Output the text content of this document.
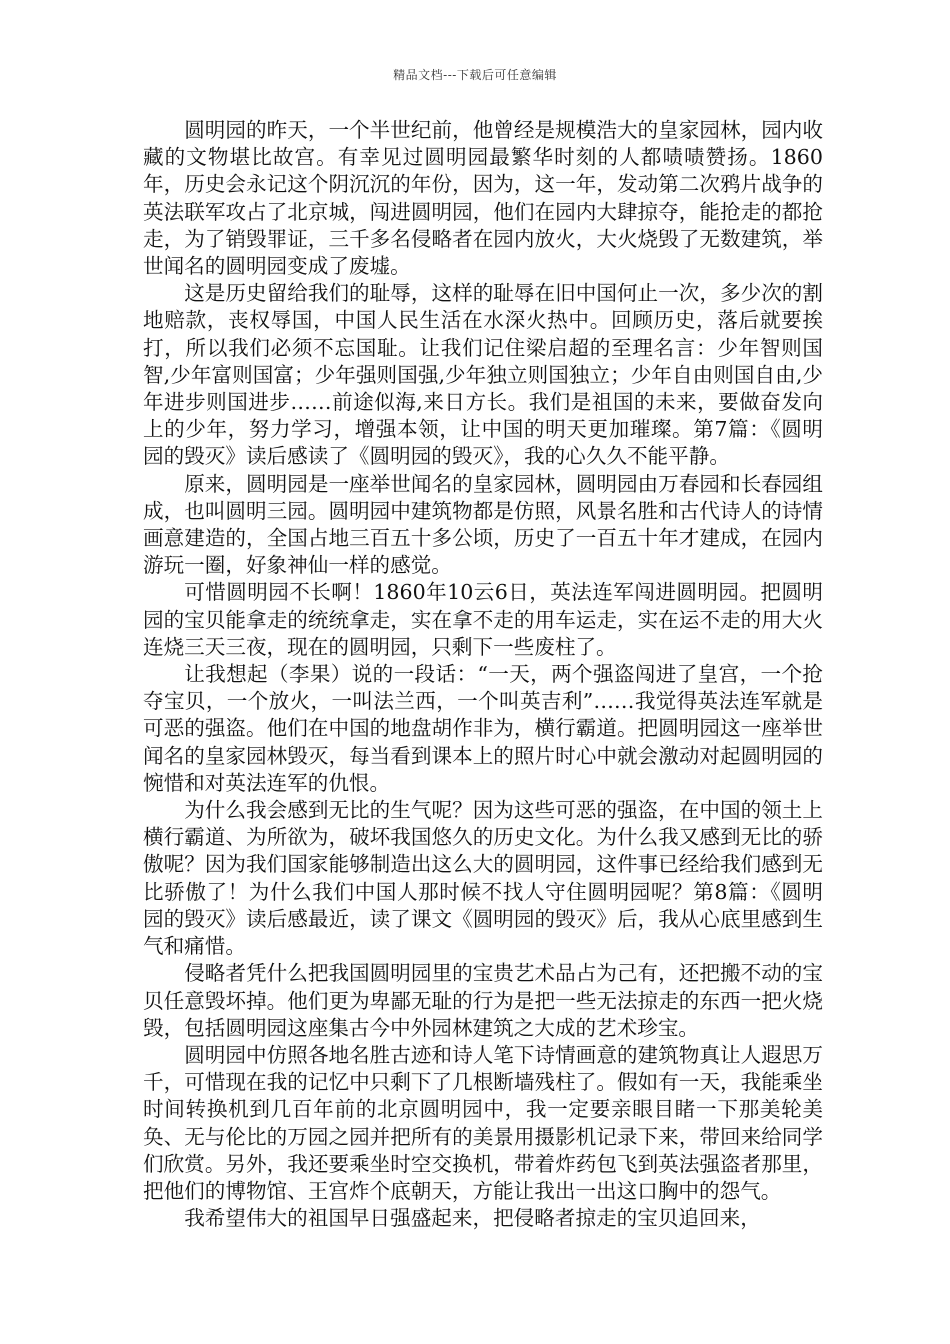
精品文档---下载后可任意编辑

圆明园的昨天，一个半世纪前，他曾经是规模浩大的皇家园林，园内收藏的文物堪比故宫。有幸见过圆明园最繁华时刻的人都啧啧赞扬。1860年，历史会永记这个阴沉沉的年份，因为，这一年，发动第二次鸦片战争的英法联军攻占了北京城，闯进圆明园，他们在园内大肆掠夺，能抢走的都抢走，为了销毁罪证，三千多名侵略者在园内放火，大火烧毁了无数建筑，举世闻名的圆明园变成了废墟。

这是历史留给我们的耻辱，这样的耻辱在旧中国何止一次，多少次的割地赔款，丧权辱国，中国人民生活在水深火热中。回顾历史，落后就要挨打，所以我们必须不忘国耻。让我们记住梁启超的至理名言：少年智则国智,少年富则国富；少年强则国强,少年独立则国独立；少年自由则国自由,少年进步则国进步……前途似海,来日方长。我们是祖国的未来，要做奋发向上的少年，努力学习，增强本领，让中国的明天更加璀璨。第7篇：《圆明园的毁灭》读后感读了《圆明园的毁灭》，我的心久久不能平静。

原来，圆明园是一座举世闻名的皇家园林，圆明园由万春园和长春园组成，也叫圆明三园。圆明园中建筑物都是仿照，风景名胜和古代诗人的诗情画意建造的，全国占地三百五十多公顷，历史了一百五十年才建成，在园内游玩一圈，好象神仙一样的感觉。

可惜圆明园不长啊！1860年10云6日，英法连军闯进圆明园。把圆明园的宝贝能拿走的统统拿走，实在拿不走的用车运走，实在运不走的用大火连烧三天三夜，现在的圆明园，只剩下一些废柱了。

让我想起（李果）说的一段话：“一天，两个强盗闯进了皇宫，一个抢夺宝贝，一个放火，一叫法兰西，一个叫英吉利”……我觉得英法连军就是可恶的强盗。他们在中国的地盘胡作非为，横行霸道。把圆明园这一座举世闻名的皇家园林毁灭，每当看到课本上的照片时心中就会激动对起圆明园的惋惜和对英法连军的仇恨。

为什么我会感到无比的生气呢？因为这些可恶的强盗，在中国的领土上横行霸道、为所欲为，破坏我国悠久的历史文化。为什么我又感到无比的骄傲呢？因为我们国家能够制造出这么大的圆明园，这件事已经给我们感到无比骄傲了！为什么我们中国人那时候不找人守住圆明园呢？第8篇：《圆明园的毁灭》读后感最近，读了课文《圆明园的毁灭》后，我从心底里感到生气和痛惜。

侵略者凭什么把我国圆明园里的宝贵艺术品占为己有，还把搬不动的宝贝任意毁坏掉。他们更为卑鄙无耻的行为是把一些无法掠走的东西一把火烧毁，包括圆明园这座集古今中外园林建筑之大成的艺术珍宝。

圆明园中仿照各地名胜古迹和诗人笔下诗情画意的建筑物真让人遐思万千，可惜现在我的记忆中只剩下了几根断墙残柱了。假如有一天，我能乘坐时间转换机到几百年前的北京圆明园中，我一定要亲眼目睹一下那美轮美奂、无与伦比的万园之园并把所有的美景用摄影机记录下来，带回来给同学们欣赏。另外，我还要乘坐时空交换机，带着炸药包飞到英法强盗者那里，把他们的博物馆、王宫炸个底朝天，方能让我出一出这口胸中的怨气。

我希望伟大的祖国早日强盛起来，把侵略者掠走的宝贝追回来，
